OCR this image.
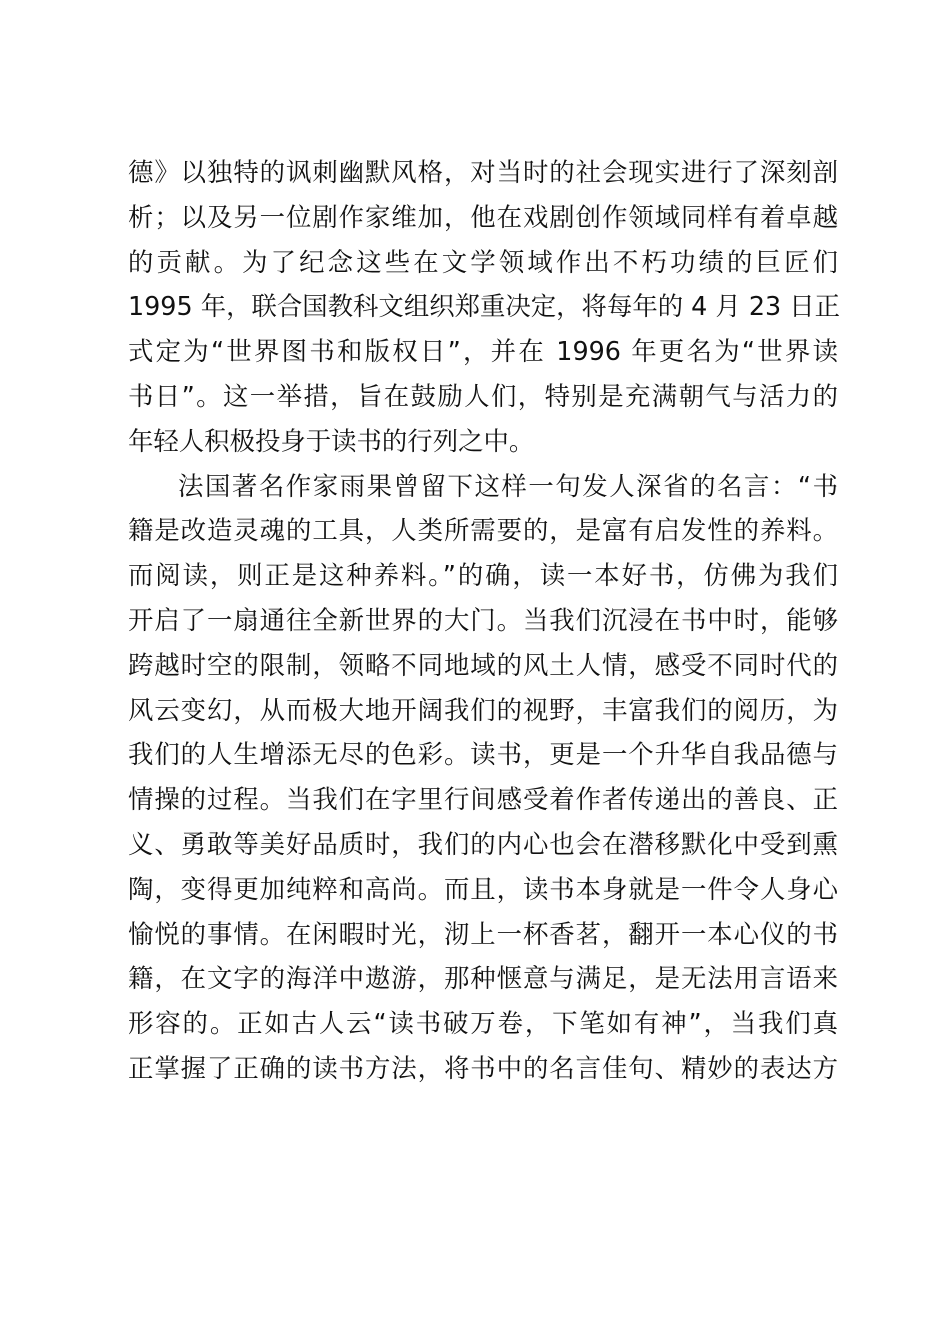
德》以独特的讽刺幽默风格，对当时的社会现实进行了深刻剖
析；以及另一位剧作家维加，他在戏剧创作领域同样有着卓越
的贡献。为了纪念这些在文学领域作出不朽功绩的巨匠们
1995 年，联合国教科文组织郑重决定，将每年的 4 月 23 日正
式定为“世界图书和版权日”，并在 1996 年更名为“世界读
书日”。这一举措，旨在鼓励人们，特别是充满朝气与活力的
年轻人积极投身于读书的行列之中。
法国著名作家雨果曾留下这样一句发人深省的名言：“书
籍是改造灵魂的工具，人类所需要的，是富有启发性的养料。
而阅读，则正是这种养料。”的确，读一本好书，仿佛为我们
开启了一扇通往全新世界的大门。当我们沉浸在书中时，能够
跨越时空的限制，领略不同地域的风土人情，感受不同时代的
风云变幻，从而极大地开阔我们的视野，丰富我们的阅历，为
我们的人生增添无尽的色彩。读书，更是一个升华自我品德与
情操的过程。当我们在字里行间感受着作者传递出的善良、正
义、勇敢等美好品质时，我们的内心也会在潜移默化中受到熏
陶，变得更加纯粹和高尚。而且，读书本身就是一件令人身心
愉悦的事情。在闲暇时光，沏上一杯香茗，翻开一本心仪的书
籍，在文字的海洋中遨游，那种惬意与满足，是无法用言语来
形容的。正如古人云“读书破万卷，下笔如有神”，当我们真
正掌握了正确的读书方法，将书中的名言佳句、精妙的表达方
